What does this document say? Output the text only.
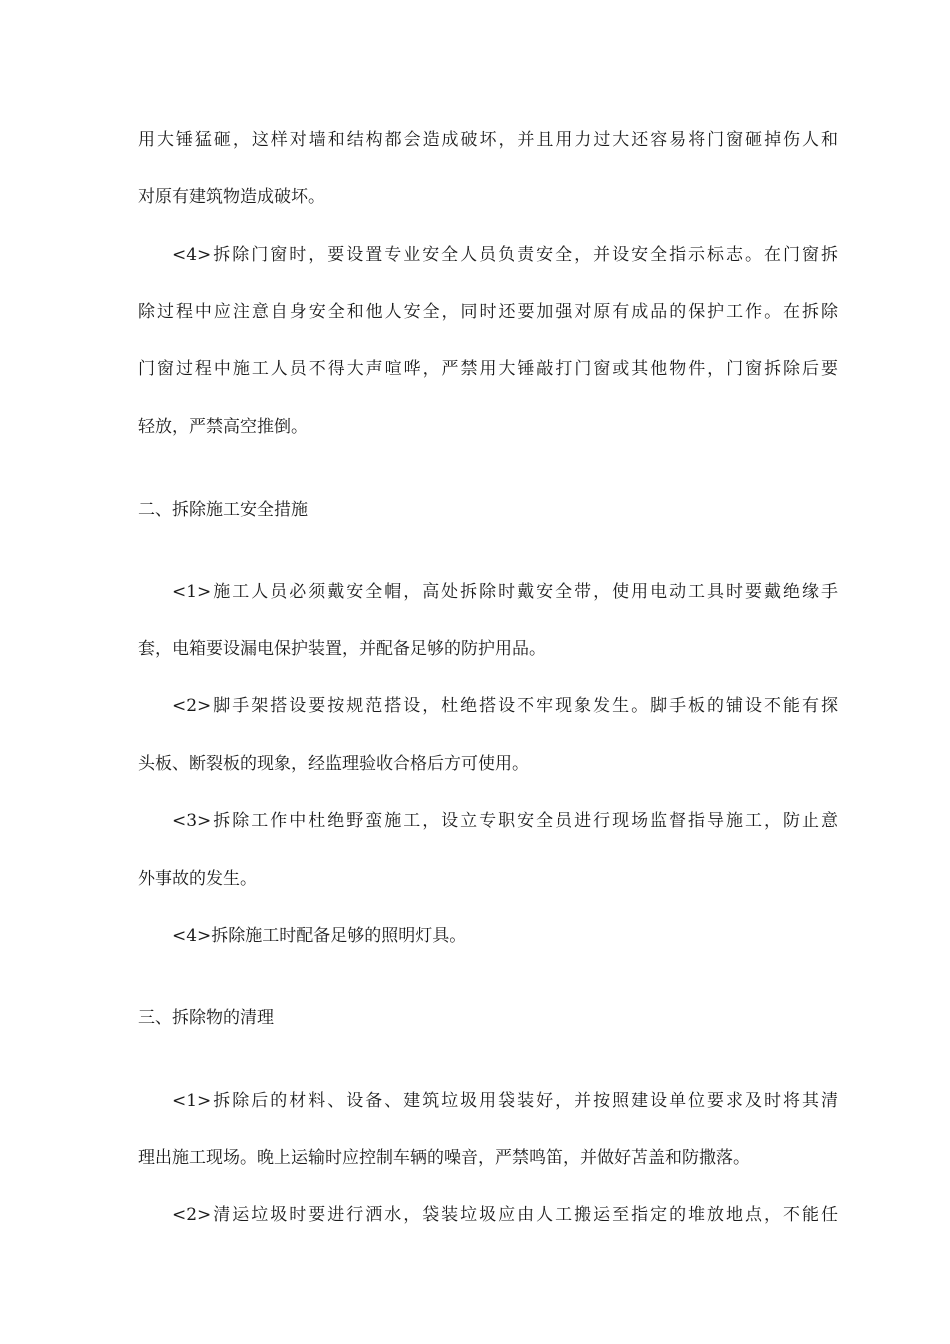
用大锤猛砸，这样对墙和结构都会造成破坏，并且用力过大还容易将门窗砸掉伤人和
对原有建筑物造成破坏。
<4>拆除门窗时，要设置专业安全人员负责安全，并设安全指示标志。在门窗拆
除过程中应注意自身安全和他人安全，同时还要加强对原有成品的保护工作。在拆除
门窗过程中施工人员不得大声喧哗，严禁用大锤敲打门窗或其他物件，门窗拆除后要
轻放，严禁高空推倒。
二、拆除施工安全措施
<1>施工人员必须戴安全帽，高处拆除时戴安全带，使用电动工具时要戴绝缘手
套，电箱要设漏电保护装置，并配备足够的防护用品。
<2>脚手架搭设要按规范搭设，杜绝搭设不牢现象发生。脚手板的铺设不能有探
头板、断裂板的现象，经监理验收合格后方可使用。
<3>拆除工作中杜绝野蛮施工，设立专职安全员进行现场监督指导施工，防止意
外事故的发生。
<4>拆除施工时配备足够的照明灯具。
三、拆除物的清理
<1>拆除后的材料、设备、建筑垃圾用袋装好，并按照建设单位要求及时将其清
理出施工现场。晚上运输时应控制车辆的噪音，严禁鸣笛，并做好苫盖和防撒落。
<2>清运垃圾时要进行洒水，袋装垃圾应由人工搬运至指定的堆放地点，不能任
